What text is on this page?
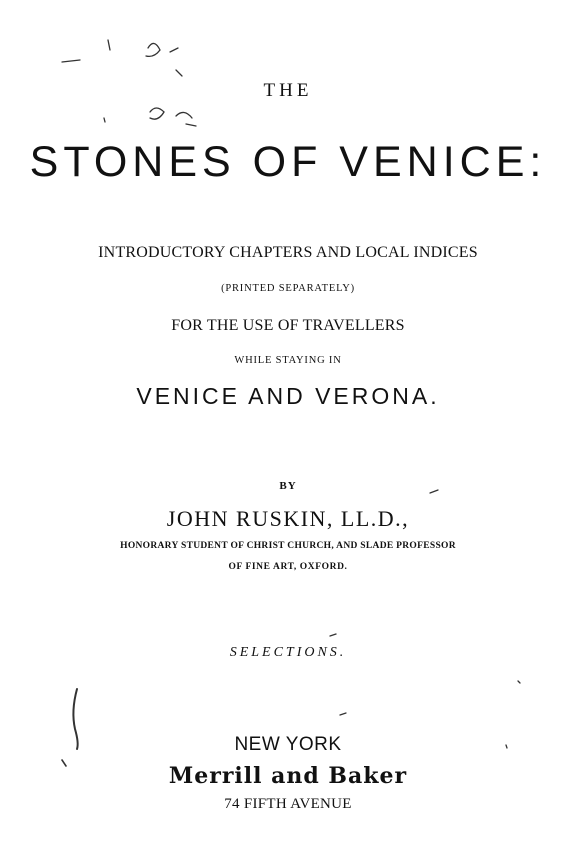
THE

STONES OF VENICE:

INTRODUCTORY CHAPTERS AND LOCAL INDICES

(PRINTED SEPARATELY)

FOR THE USE OF TRAVELLERS

WHILE STAYING IN

VENICE AND VERONA.

BY

JOHN RUSKIN, LL.D.,

HONORARY STUDENT OF CHRIST CHURCH, AND SLADE PROFESSOR

OF FINE ART, OXFORD.

SELECTIONS.

NEW YORK

Merrill and Baker

74 FIFTH AVENUE
